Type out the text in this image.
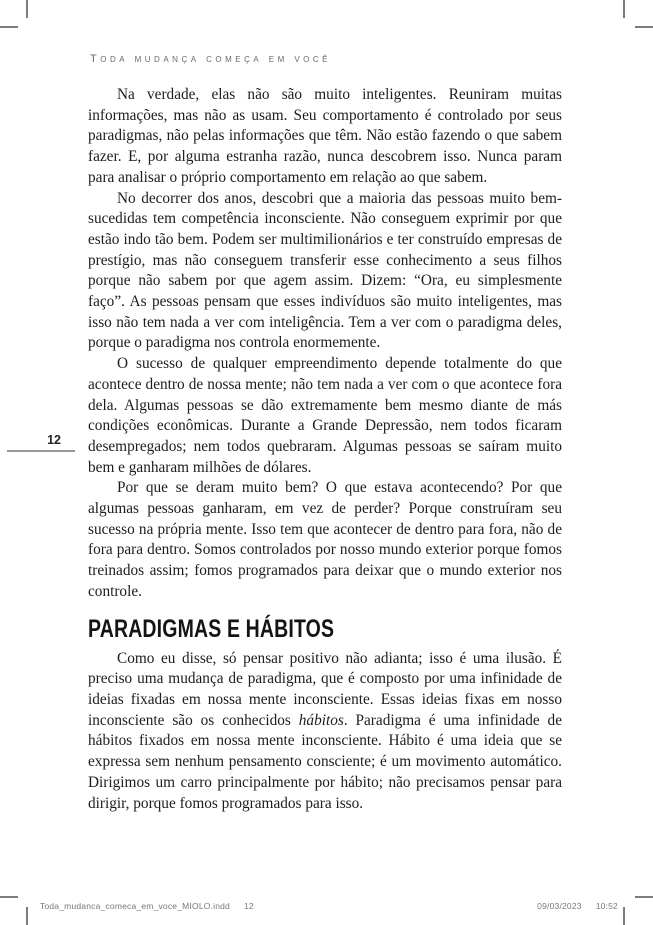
Toda mudança começa em você
12

Na verdade, elas não são muito inteligentes. Reuniram muitas informações, mas não as usam. Seu comportamento é controlado por seus paradigmas, não pelas informações que têm. Não estão fazendo o que sabem fazer. E, por alguma estranha razão, nunca descobrem isso. Nunca param para analisar o próprio comportamento em relação ao que sabem.

No decorrer dos anos, descobri que a maioria das pessoas muito bem-sucedidas tem competência inconsciente. Não conseguem exprimir por que estão indo tão bem. Podem ser multimilionários e ter construído empresas de prestígio, mas não conseguem transferir esse conhecimento a seus filhos porque não sabem por que agem assim. Dizem: “Ora, eu simplesmente faço”. As pessoas pensam que esses indivíduos são muito inteligentes, mas isso não tem nada a ver com inteligência. Tem a ver com o paradigma deles, porque o paradigma nos controla enormemente.

O sucesso de qualquer empreendimento depende totalmente do que acontece dentro de nossa mente; não tem nada a ver com o que acontece fora dela. Algumas pessoas se dão extremamente bem mesmo diante de más condições econômicas. Durante a Grande Depressão, nem todos ficaram desempregados; nem todos quebraram. Algumas pessoas se saíram muito bem e ganharam milhões de dólares.

Por que se deram muito bem? O que estava acontecendo? Por que algumas pessoas ganharam, em vez de perder? Porque construíram seu sucesso na própria mente. Isso tem que acontecer de dentro para fora, não de fora para dentro. Somos controlados por nosso mundo exterior porque fomos treinados assim; fomos programados para deixar que o mundo exterior nos controle.

PARADIGMAS E HÁBITOS

Como eu disse, só pensar positivo não adianta; isso é uma ilusão. É preciso uma mudança de paradigma, que é composto por uma infinidade de ideias fixadas em nossa mente inconsciente. Essas ideias fixas em nosso inconsciente são os conhecidos hábitos. Paradigma é uma infinidade de hábitos fixados em nossa mente inconsciente. Hábito é uma ideia que se expressa sem nenhum pensamento consciente; é um movimento automático. Dirigimos um carro principalmente por hábito; não precisamos pensar para dirigir, porque fomos programados para isso.

Toda_mudanca_comeca_em_voce_MIOLO.indd 12	09/03/2023 10:52
